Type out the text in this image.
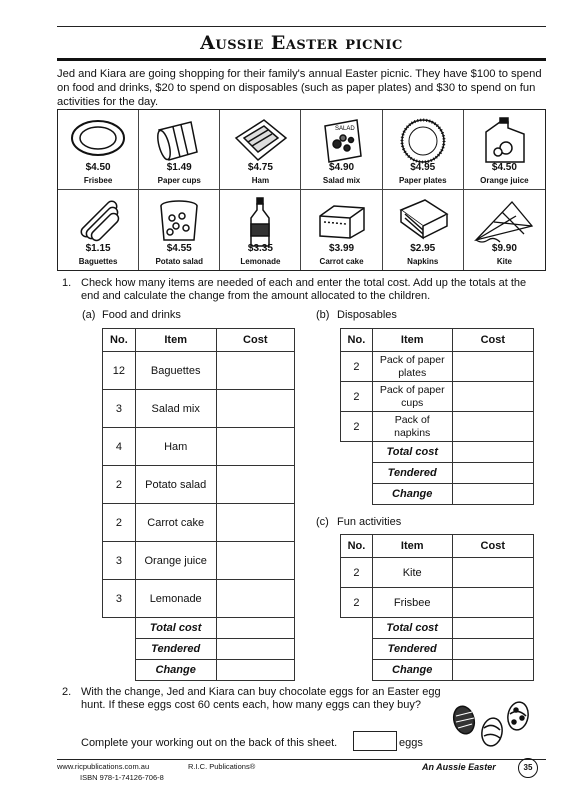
Aussie Easter picnic
Jed and Kiara are going shopping for their family's annual Easter picnic. They have $100 to spend on food and drinks, $20 to spend on disposables (such as paper plates) and $30 to spend on fun activities for the day.
$4.50
Frisbee
$1.49
Paper cups
$4.75
Ham
SALAD
$4.90
Salad mix
$4.95
Paper plates
$4.50
Orange juice
$1.15
Baguettes
$4.55
Potato salad
$3.35
Lemonade
$3.99
Carrot cake
$2.95
Napkins
$9.90
Kite
1. Check how many items are needed of each and enter the total cost. Add up the totals at the end and calculate the change from the amount allocated to the children.
(a) Food and drinks	(b) Disposables
(c) Fun activities
No.	Item	Cost
12	Baguettes	
3	Salad mix	
4	Ham	
2	Potato salad	
2	Carrot cake	
3	Orange juice	
3	Lemonade	
	Total cost	
	Tendered	
	Change	
No.	Item	Cost
2	Pack of paper plates	
2	Pack of paper cups	
2	Pack of napkins	
	Total cost	
	Tendered	
	Change	
No.	Item	Cost
2	Kite	
2	Frisbee	
	Total cost	
	Tendered	
	Change	
2. With the change, Jed and Kiara can buy chocolate eggs for an Easter egg hunt. If these eggs cost 60 cents each, how many eggs can they buy?
Complete your working out on the back of this sheet.	eggs
www.ricpublications.com.au	R.I.C. Publications®
ISBN 978-1-74126-706-8
An Aussie Easter	35
